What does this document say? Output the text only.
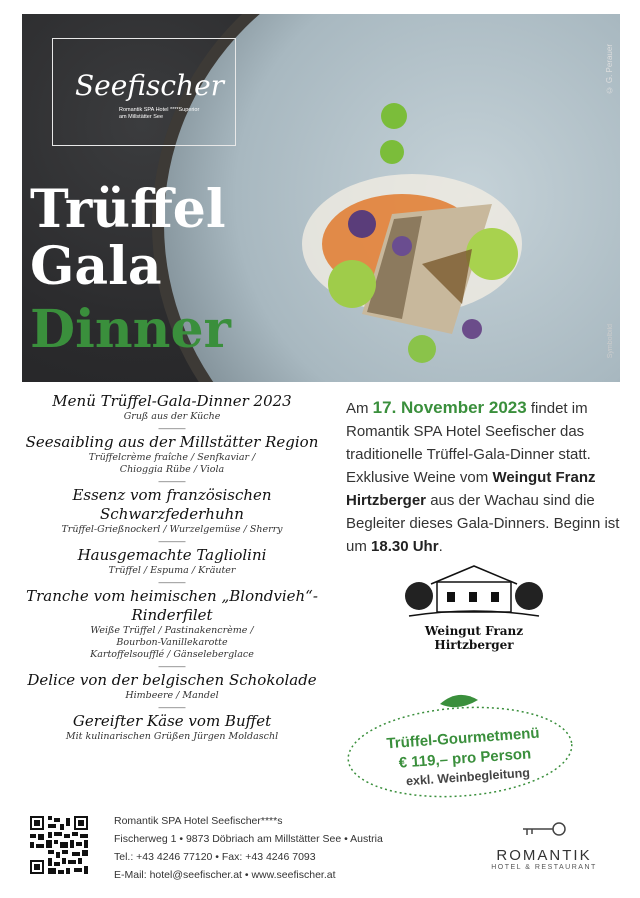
Seefischer
Romantik SPA Hotel ****Superior
am Millstätter See
© G. Perauer
Symbolbild
Trüffel
Gala
Dinner

Menü Trüffel-Gala-Dinner 2023

Gruß aus der Küche

———

Seesaibling aus der Millstätter Region

Trüffelcrème fraîche / Senfkaviar /

Chioggia Rübe / Viola

———

Essenz vom französischen Schwarzfederhuhn

Trüffel-Grießnockerl / Wurzelgemüse / Sherry

———

Hausgemachte Tagliolini

Trüffel / Espuma / Kräuter

———

Tranche vom heimischen „Blondvieh“-Rinderfilet

Weiße Trüffel / Pastinakencrème /

Bourbon-Vanillekarotte

Kartoffelsoufflé / Gänseleberglace

———

Delice von der belgischen Schokolade

Himbeere / Mandel

———

Gereifter Käse vom Buffet

Mit kulinarischen Grüßen Jürgen Moldaschl

Am 17. November 2023 findet im Romantik SPA Hotel Seefischer das traditionelle Trüffel-Gala-Dinner statt. Exklusive Weine vom Weingut Franz Hirtzberger aus der Wachau sind die Begleiter dieses Gala-Dinners. Beginn ist um 18.30 Uhr.
Weingut Franz Hirtzberger
Trüffel-Gourmetmenü
€ 119,– pro Person
exkl. Weinbegleitung
Romantik SPA Hotel Seefischer****s
Fischerweg 1 • 9873 Döbriach am Millstätter See • Austria
Tel.: +43 4246 77120 • Fax: +43 4246 7093
E-Mail: hotel@seefischer.at • www.seefischer.at
ROMANTIK
HOTEL & RESTAURANT
